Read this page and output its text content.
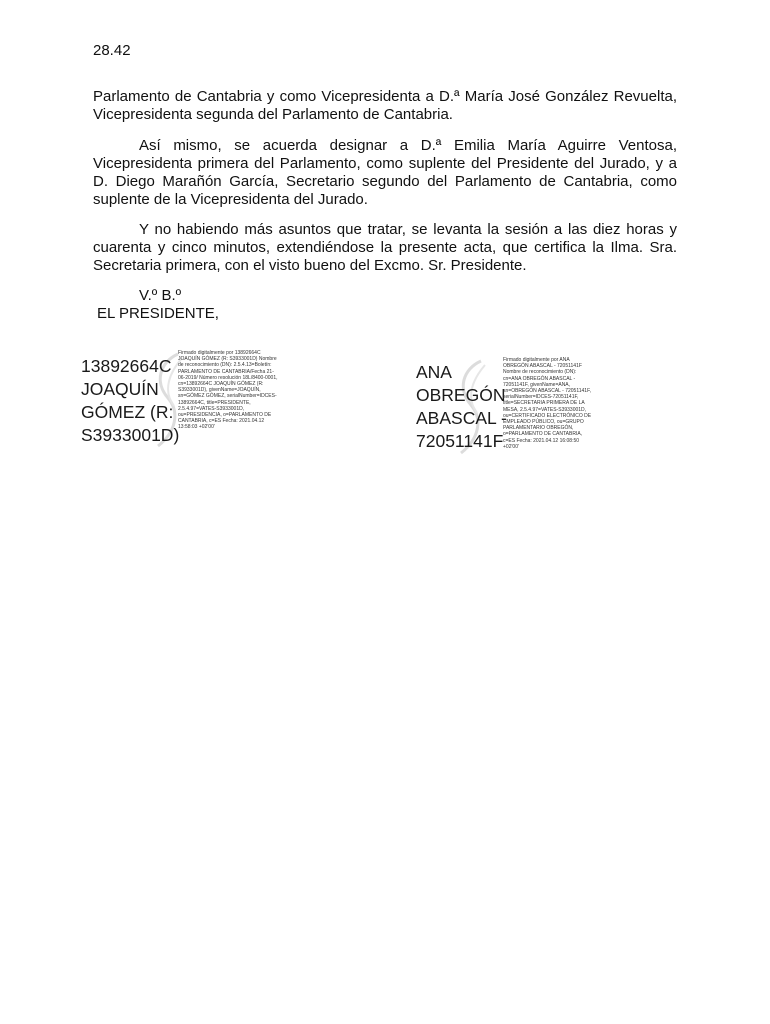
28.42

Parlamento de Cantabria y como Vicepresidenta a D.ª María José González Revuelta, Vicepresidenta segunda del Parlamento de Cantabria.

Así mismo, se acuerda designar a D.ª Emilia María Aguirre Ventosa, Vicepresidenta primera del Parlamento, como suplente del Presidente del Jurado, y a D. Diego Marañón García, Secretario segundo del Parlamento de Cantabria, como suplente de la Vicepresidenta del Jurado.

Y no habiendo más asuntos que tratar, se levanta la sesión a las diez horas y cuarenta y cinco minutos, extendiéndose la presente acta, que certifica la Ilma. Sra. Secretaria primera, con el visto bueno del Excmo. Sr. Presidente.

V.º B.º
EL PRESIDENTE,
13892664C
JOAQUÍN
GÓMEZ (R:
S3933001D)
Firmado digitalmente por 13892664C JOAQUÍN GÓMEZ (R: S3933001D) Nombre de reconocimiento (DN): 2.5.4.13=Boletín: PARLAMENTO DE CANTABRIA/Fecha 21-06-2019/ Número resolución 18L/8400-0001, cn=13892664C JOAQUÍN GÓMEZ (R: S3933001D), givenName=JOAQUÍN, sn=GÓMEZ GÓMEZ, serialNumber=IDCES-13892664C, title=PRESIDENTE, 2.5.4.97=VATES-S3933001D, ou=PRESIDENCIA, o=PARLAMENTO DE CANTABRIA, c=ES Fecha: 2021.04.12 13:58:03 +02'00'
ANA
OBREGÓN
ABASCAL -
72051141F
Firmado digitalmente por ANA OBREGÓN ABASCAL - 72051141F Nombre de reconocimiento (DN): cn=ANA OBREGÓN ABASCAL - 72051141F, givenName=ANA, sn=OBREGÓN ABASCAL - 72051141F, serialNumber=IDCES-72051141F, title=SECRETARIA PRIMERA DE LA MESA, 2.5.4.97=VATES-S3933001D, ou=CERTIFICADO ELECTRÓNICO DE EMPLEADO PÚBLICO, ou=GRUPO PARLAMENTARIO OBREGÓN, o=PARLAMENTO DE CANTABRIA, c=ES Fecha: 2021.04.12 16:08:50 +02'00'
